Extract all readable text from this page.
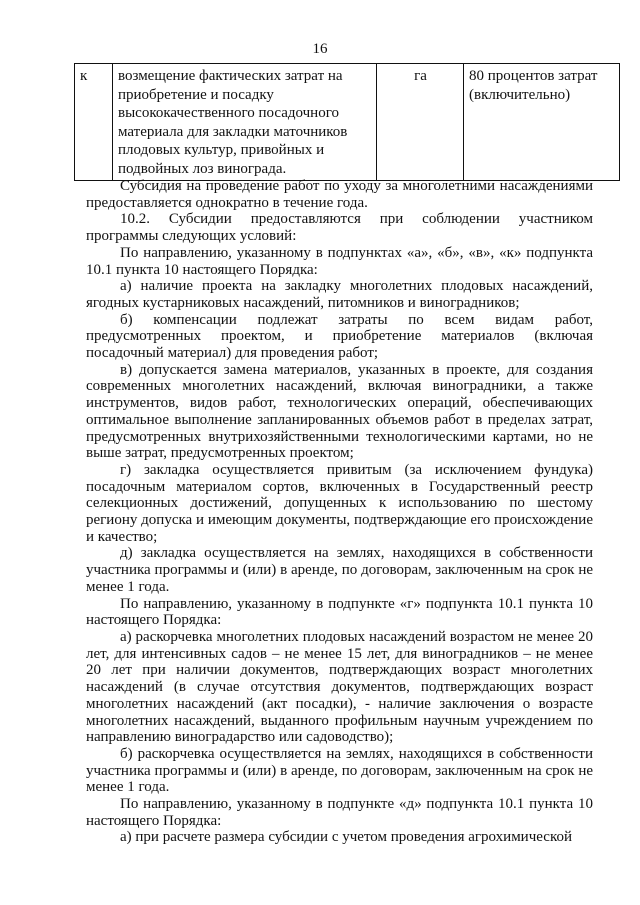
16
к	возмещение фактических затрат на приобретение и посадку высококачественного посадочного материала для закладки маточников плодовых культур, привойных и подвойных лоз винограда.	га	80 процентов затрат (включительно)

Субсидия на проведение работ по уходу за многолетними насаждениями предоставляется однократно в течение года.

10.2. Субсидии предоставляются при соблюдении участником программы следующих условий:

По направлению, указанному в подпунктах «а», «б», «в», «к» подпункта 10.1 пункта 10 настоящего Порядка:

а) наличие проекта на закладку многолетних плодовых насаждений, ягодных кустарниковых насаждений, питомников и виноградников;

б) компенсации подлежат затраты по всем видам работ, предусмотренных проектом, и приобретение материалов (включая посадочный материал) для проведения работ;

в) допускается замена материалов, указанных в проекте, для создания современных многолетних насаждений, включая виноградники, а также инструментов, видов работ, технологических операций, обеспечивающих оптимальное выполнение запланированных объемов работ в пределах затрат, предусмотренных внутрихозяйственными технологическими картами, но не выше затрат, предусмотренных проектом;

г) закладка осуществляется привитым (за исключением фундука) посадочным материалом сортов, включенных в Государственный реестр селекционных достижений, допущенных к использованию по шестому региону допуска и имеющим документы, подтверждающие его происхождение и качество;

д) закладка осуществляется на землях, находящихся в собственности участника программы и (или) в аренде, по договорам, заключенным на срок не менее 1 года.

По направлению, указанному в подпункте «г» подпункта 10.1 пункта 10 настоящего Порядка:

а) раскорчевка многолетних плодовых насаждений возрастом не менее 20 лет, для интенсивных садов – не менее 15 лет, для виноградников – не менее 20 лет при наличии документов, подтверждающих возраст многолетних насаждений (в случае отсутствия документов, подтверждающих возраст многолетних насаждений (акт посадки), - наличие заключения о возрасте многолетних насаждений, выданного профильным научным учреждением по направлению виноградарство или садоводство);

б) раскорчевка осуществляется на землях, находящихся в собственности участника программы и (или) в аренде, по договорам, заключенным на срок не менее 1 года.

По направлению, указанному в подпункте «д» подпункта 10.1 пункта 10 настоящего Порядка:

а) при расчете размера субсидии с учетом проведения агрохимической
